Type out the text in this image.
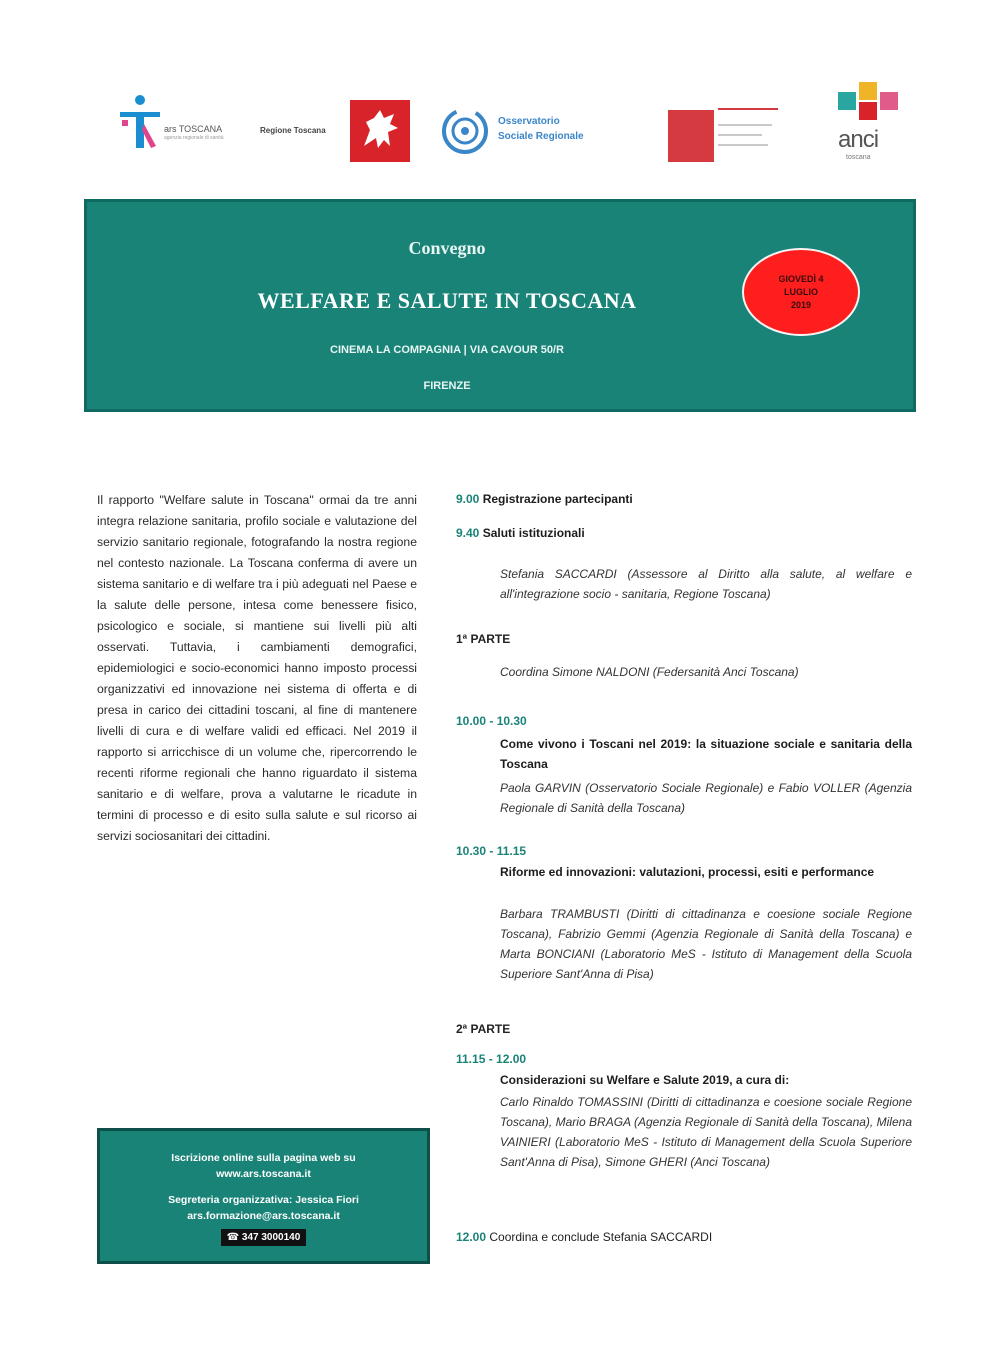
ars TOSCANA
agenzia regionale di sanità
Regione Toscana
Osservatorio
Sociale Regionale	anci
toscana
Convegno
WELFARE E SALUTE IN TOSCANA
CINEMA LA COMPAGNIA | VIA CAVOUR 50/R
FIRENZE
GIOVEDÌ 4
LUGLIO
2019
Il rapporto "Welfare salute in Toscana" ormai da tre anni integra relazione sanitaria, profilo sociale e valutazione del servizio sanitario regionale, fotografando la nostra regione nel contesto nazionale. La Toscana conferma di avere un sistema sanitario e di welfare tra i più adeguati nel Paese e la salute delle persone, intesa come benessere fisico, psicologico e sociale, si mantiene sui livelli più alti osservati. Tuttavia, i cambiamenti demografici, epidemiologici e socio-economici hanno imposto processi organizzativi ed innovazione nei sistema di offerta e di presa in carico dei cittadini toscani, al fine di mantenere livelli di cura e di welfare validi ed efficaci. Nel 2019 il rapporto si arricchisce di un volume che, ripercorrendo le recenti riforme regionali che hanno riguardato il sistema sanitario e di welfare, prova a valutarne le ricadute in termini di processo e di esito sulla salute e sul ricorso ai servizi sociosanitari dei cittadini.
Iscrizione online sulla pagina web su
www.ars.toscana.it
Segreteria organizzativa: Jessica Fiori
ars.formazione@ars.toscana.it
☎ 347 3000140
9.00 Registrazione partecipanti
9.40 Saluti istituzionali
Stefania SACCARDI (Assessore al Diritto alla salute, al welfare e all'integrazione socio - sanitaria, Regione Toscana)
1ª PARTE
Coordina Simone NALDONI (Federsanità Anci Toscana)
10.00 - 10.30
Come vivono i Toscani nel 2019: la situazione sociale e sanitaria della Toscana
Paola GARVIN (Osservatorio Sociale Regionale) e Fabio VOLLER (Agenzia Regionale di Sanità della Toscana)
10.30 - 11.15
Riforme ed innovazioni: valutazioni, processi, esiti e performance
Barbara TRAMBUSTI (Diritti di cittadinanza e coesione sociale Regione Toscana), Fabrizio Gemmi (Agenzia Regionale di Sanità della Toscana) e Marta BONCIANI (Laboratorio MeS - Istituto di Management della Scuola Superiore Sant'Anna di Pisa)
2ª PARTE
11.15 - 12.00
Considerazioni su Welfare e Salute 2019, a cura di:
Carlo Rinaldo TOMASSINI (Diritti di cittadinanza e coesione sociale Regione Toscana), Mario BRAGA (Agenzia Regionale di Sanità della Toscana), Milena VAINIERI (Laboratorio MeS - Istituto di Management della Scuola Superiore Sant'Anna di Pisa), Simone GHERI (Anci Toscana)
12.00 Coordina e conclude Stefania SACCARDI
